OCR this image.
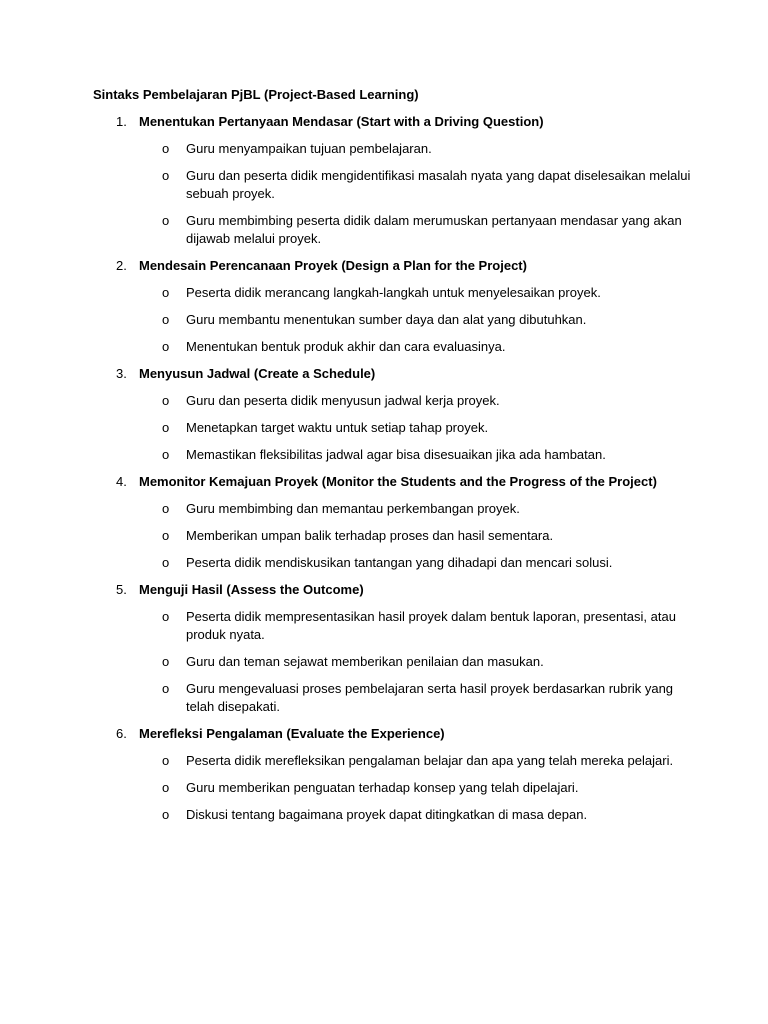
Sintaks Pembelajaran PjBL (Project-Based Learning)
1. Menentukan Pertanyaan Mendasar (Start with a Driving Question)
o Guru menyampaikan tujuan pembelajaran.
o Guru dan peserta didik mengidentifikasi masalah nyata yang dapat diselesaikan melalui sebuah proyek.
o Guru membimbing peserta didik dalam merumuskan pertanyaan mendasar yang akan dijawab melalui proyek.
2. Mendesain Perencanaan Proyek (Design a Plan for the Project)
o Peserta didik merancang langkah-langkah untuk menyelesaikan proyek.
o Guru membantu menentukan sumber daya dan alat yang dibutuhkan.
o Menentukan bentuk produk akhir dan cara evaluasinya.
3. Menyusun Jadwal (Create a Schedule)
o Guru dan peserta didik menyusun jadwal kerja proyek.
o Menetapkan target waktu untuk setiap tahap proyek.
o Memastikan fleksibilitas jadwal agar bisa disesuaikan jika ada hambatan.
4. Memonitor Kemajuan Proyek (Monitor the Students and the Progress of the Project)
o Guru membimbing dan memantau perkembangan proyek.
o Memberikan umpan balik terhadap proses dan hasil sementara.
o Peserta didik mendiskusikan tantangan yang dihadapi dan mencari solusi.
5. Menguji Hasil (Assess the Outcome)
o Peserta didik mempresentasikan hasil proyek dalam bentuk laporan, presentasi, atau produk nyata.
o Guru dan teman sejawat memberikan penilaian dan masukan.
o Guru mengevaluasi proses pembelajaran serta hasil proyek berdasarkan rubrik yang telah disepakati.
6. Merefleksi Pengalaman (Evaluate the Experience)
o Peserta didik merefleksikan pengalaman belajar dan apa yang telah mereka pelajari.
o Guru memberikan penguatan terhadap konsep yang telah dipelajari.
o Diskusi tentang bagaimana proyek dapat ditingkatkan di masa depan.
